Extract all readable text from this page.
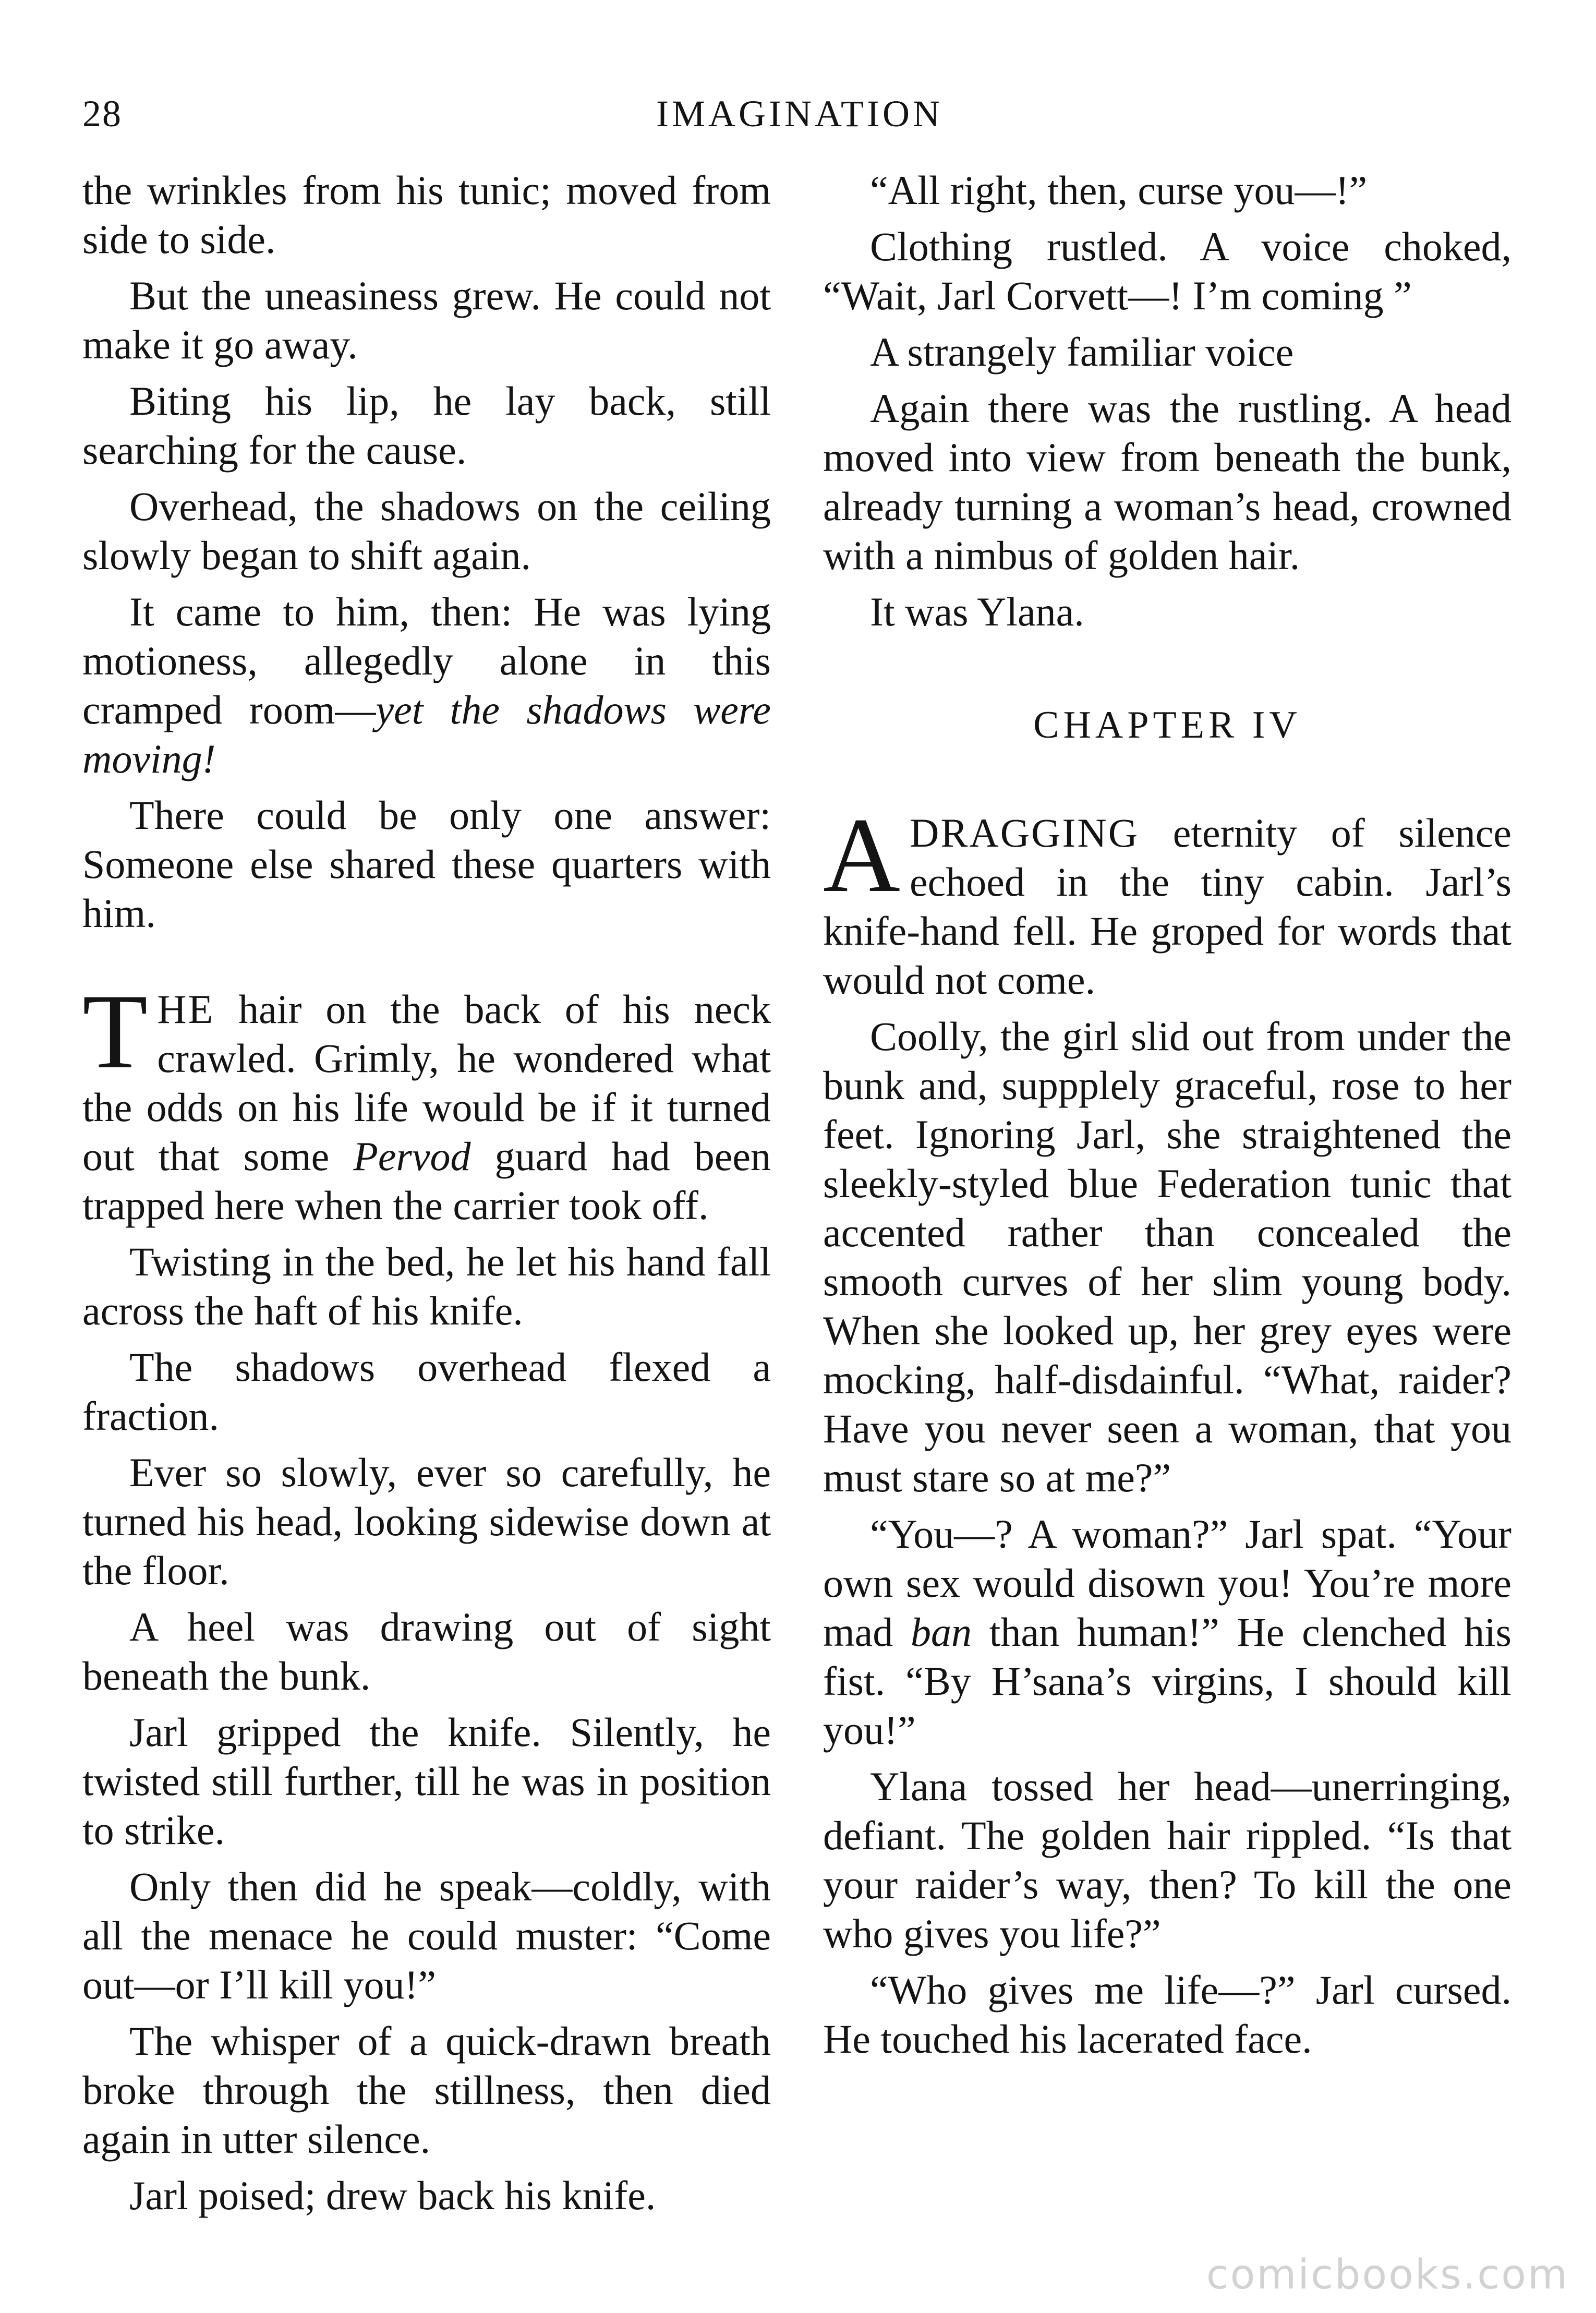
28	IMAGINATION

the wrinkles from his tunic; moved from side to side.

But the uneasiness grew. He could not make it go away.

Biting his lip, he lay back, still searching for the cause.

Overhead, the shadows on the ceiling slowly began to shift again.

It came to him, then: He was lying motioness, allegedly alone in this cramped room—yet the shadows were moving!

There could be only one answer: Someone else shared these quarters with him.

THE hair on the back of his neck crawled. Grimly, he wondered what the odds on his life would be if it turned out that some Pervod guard had been trapped here when the carrier took off.

Twisting in the bed, he let his hand fall across the haft of his knife.

The shadows overhead flexed a fraction.

Ever so slowly, ever so carefully, he turned his head, looking sidewise down at the floor.

A heel was drawing out of sight beneath the bunk.

Jarl gripped the knife. Silently, he twisted still further, till he was in position to strike.

Only then did he speak—coldly, with all the menace he could muster: “Come out—or I’ll kill you!”

The whisper of a quick-drawn breath broke through the stillness, then died again in utter silence.

Jarl poised; drew back his knife.

“All right, then, curse you—!”

Clothing rustled. A voice choked, “Wait, Jarl Corvett—! I’m coming ”

A strangely familiar voice

Again there was the rustling. A head moved into view from beneath the bunk, already turning a woman’s head, crowned with a nimbus of golden hair.

It was Ylana.

CHAPTER IV

ADRAGGING eternity of silence echoed in the tiny cabin. Jarl’s knife-hand fell. He groped for words that would not come.

Coolly, the girl slid out from under the bunk and, suppplely graceful, rose to her feet. Ignoring Jarl, she straightened the sleekly-styled blue Federation tunic that accented rather than concealed the smooth curves of her slim young body. When she looked up, her grey eyes were mocking, half-disdainful. “What, raider? Have you never seen a woman, that you must stare so at me?”

“You—? A woman?” Jarl spat. “Your own sex would disown you! You’re more mad ban than human!” He clenched his fist. “By H’sana’s virgins, I should kill you!”

Ylana tossed her head—unerringing, defiant. The golden hair rippled. “Is that your raider’s way, then? To kill the one who gives you life?”

“Who gives me life—?” Jarl cursed. He touched his lacerated face.

comicbooks.com
